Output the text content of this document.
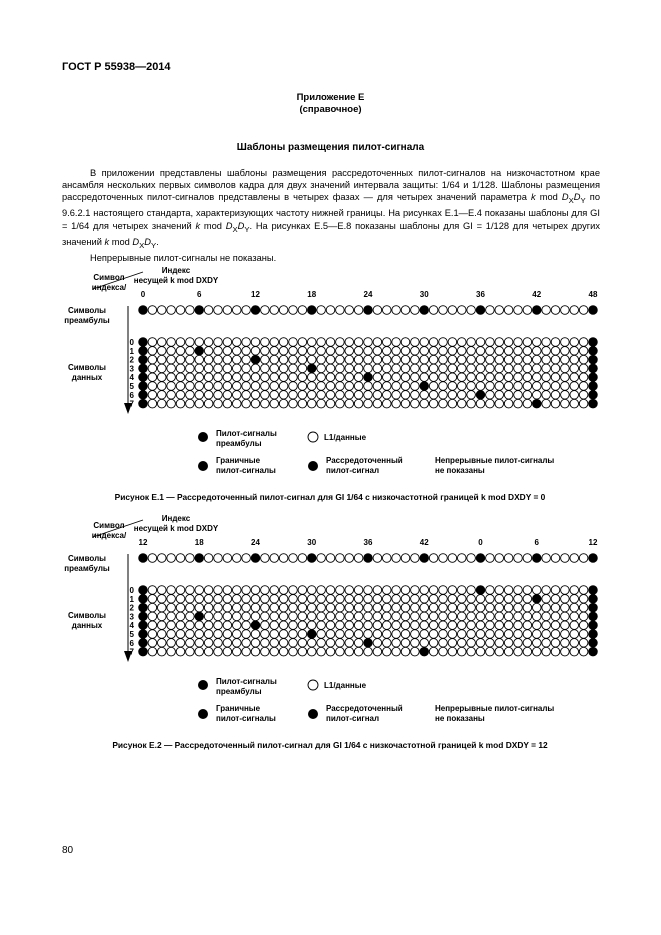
ГОСТ Р 55938—2014
Приложение Е
(справочное)
Шаблоны размещения пилот-сигнала

В приложении представлены шаблоны размещения рассредоточенных пилот-сигналов на низкочастотном крае ансамбля нескольких первых символов кадра для двух значений интервала защиты: 1/64 и 1/128. Шаблоны размещения рассредоточенных пилот-сигналов представлены в четырех фазах — для четырех значений параметра k mod $D_XD_Y$ по 9.6.2.1 настоящего стандарта, характеризующих частоту нижней границы. На рисунках Е.1—Е.4 показаны шаблоны для GI = 1/64 для четырех значений k mod $D_XD_Y$. На рисунках Е.5—Е.8 показаны шаблоны для GI = 1/128 для четырех других значений k mod $D_XD_Y$.

Непрерывные пилот-сигналы не показаны.

Символ
индекса/
Индекс
несущей k mod DXDY
0	6	12	18	24	30	36	42	48
Символы
преамбулы
Символы
данных
0
1
2
3
4
5
6
7
Пилот-сигналы
преамбулы
L1/данные
Граничные
пилот-сигналы
Рассредоточенный
пилот-сигнал
Непрерывные пилот-сигналы
не показаны
Рисунок Е.1 — Рассредоточенный пилот-сигнал для GI 1/64 с низкочастотной границей k mod DXDY = 0
Символ
индекса/
Индекс
несущей k mod DXDY
12	18	24	30	36	42	0	6	12
Символы
преамбулы
Символы
данных
0
1
2
3
4
5
6
7
Пилот-сигналы
преамбулы
L1/данные
Граничные
пилот-сигналы
Рассредоточенный
пилот-сигнал
Непрерывные пилот-сигналы
не показаны
Рисунок Е.2 — Рассредоточенный пилот-сигнал для GI 1/64 с низкочастотной границей k mod DXDY = 12
80
